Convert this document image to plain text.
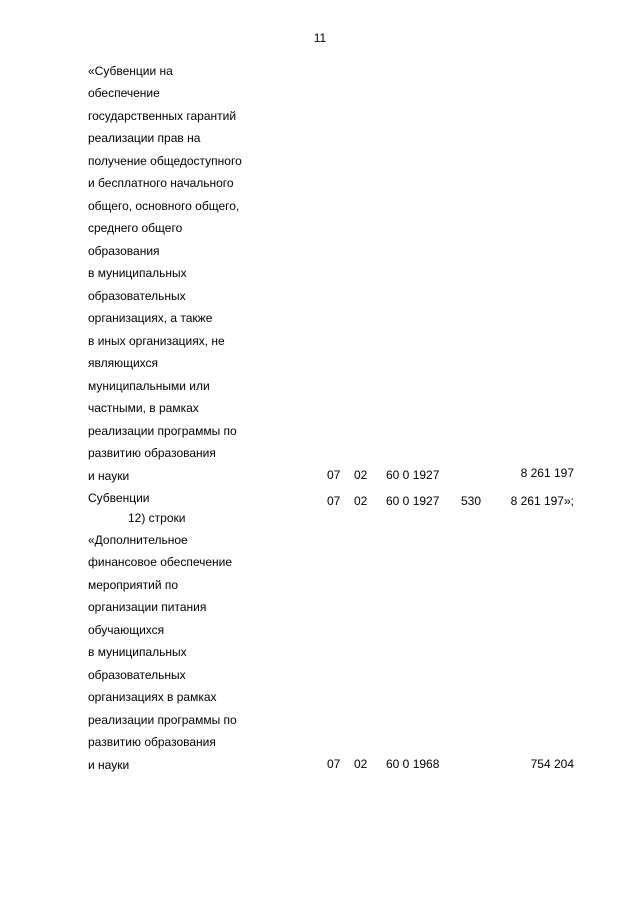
11
«Субвенции на
обеспечение
государственных гарантий
реализации прав на
получение общедоступного
и бесплатного начального
общего, основного общего,
среднего общего
образования
в муниципальных
образовательных
организациях, а также
в иных организациях, не
являющихся
муниципальными или
частными, в рамках
реализации программы по
развитию образования
и науки	07 02 60 0 1927	8 261 197
Субвенции	07 02 60 0 1927 530 8 261 197»;
12) строки
«Дополнительное
финансовое обеспечение
мероприятий по
организации питания
обучающихся
в муниципальных
образовательных
организациях в рамках
реализации программы по
развитию образования
и науки	07 02 60 0 1968	754 204
